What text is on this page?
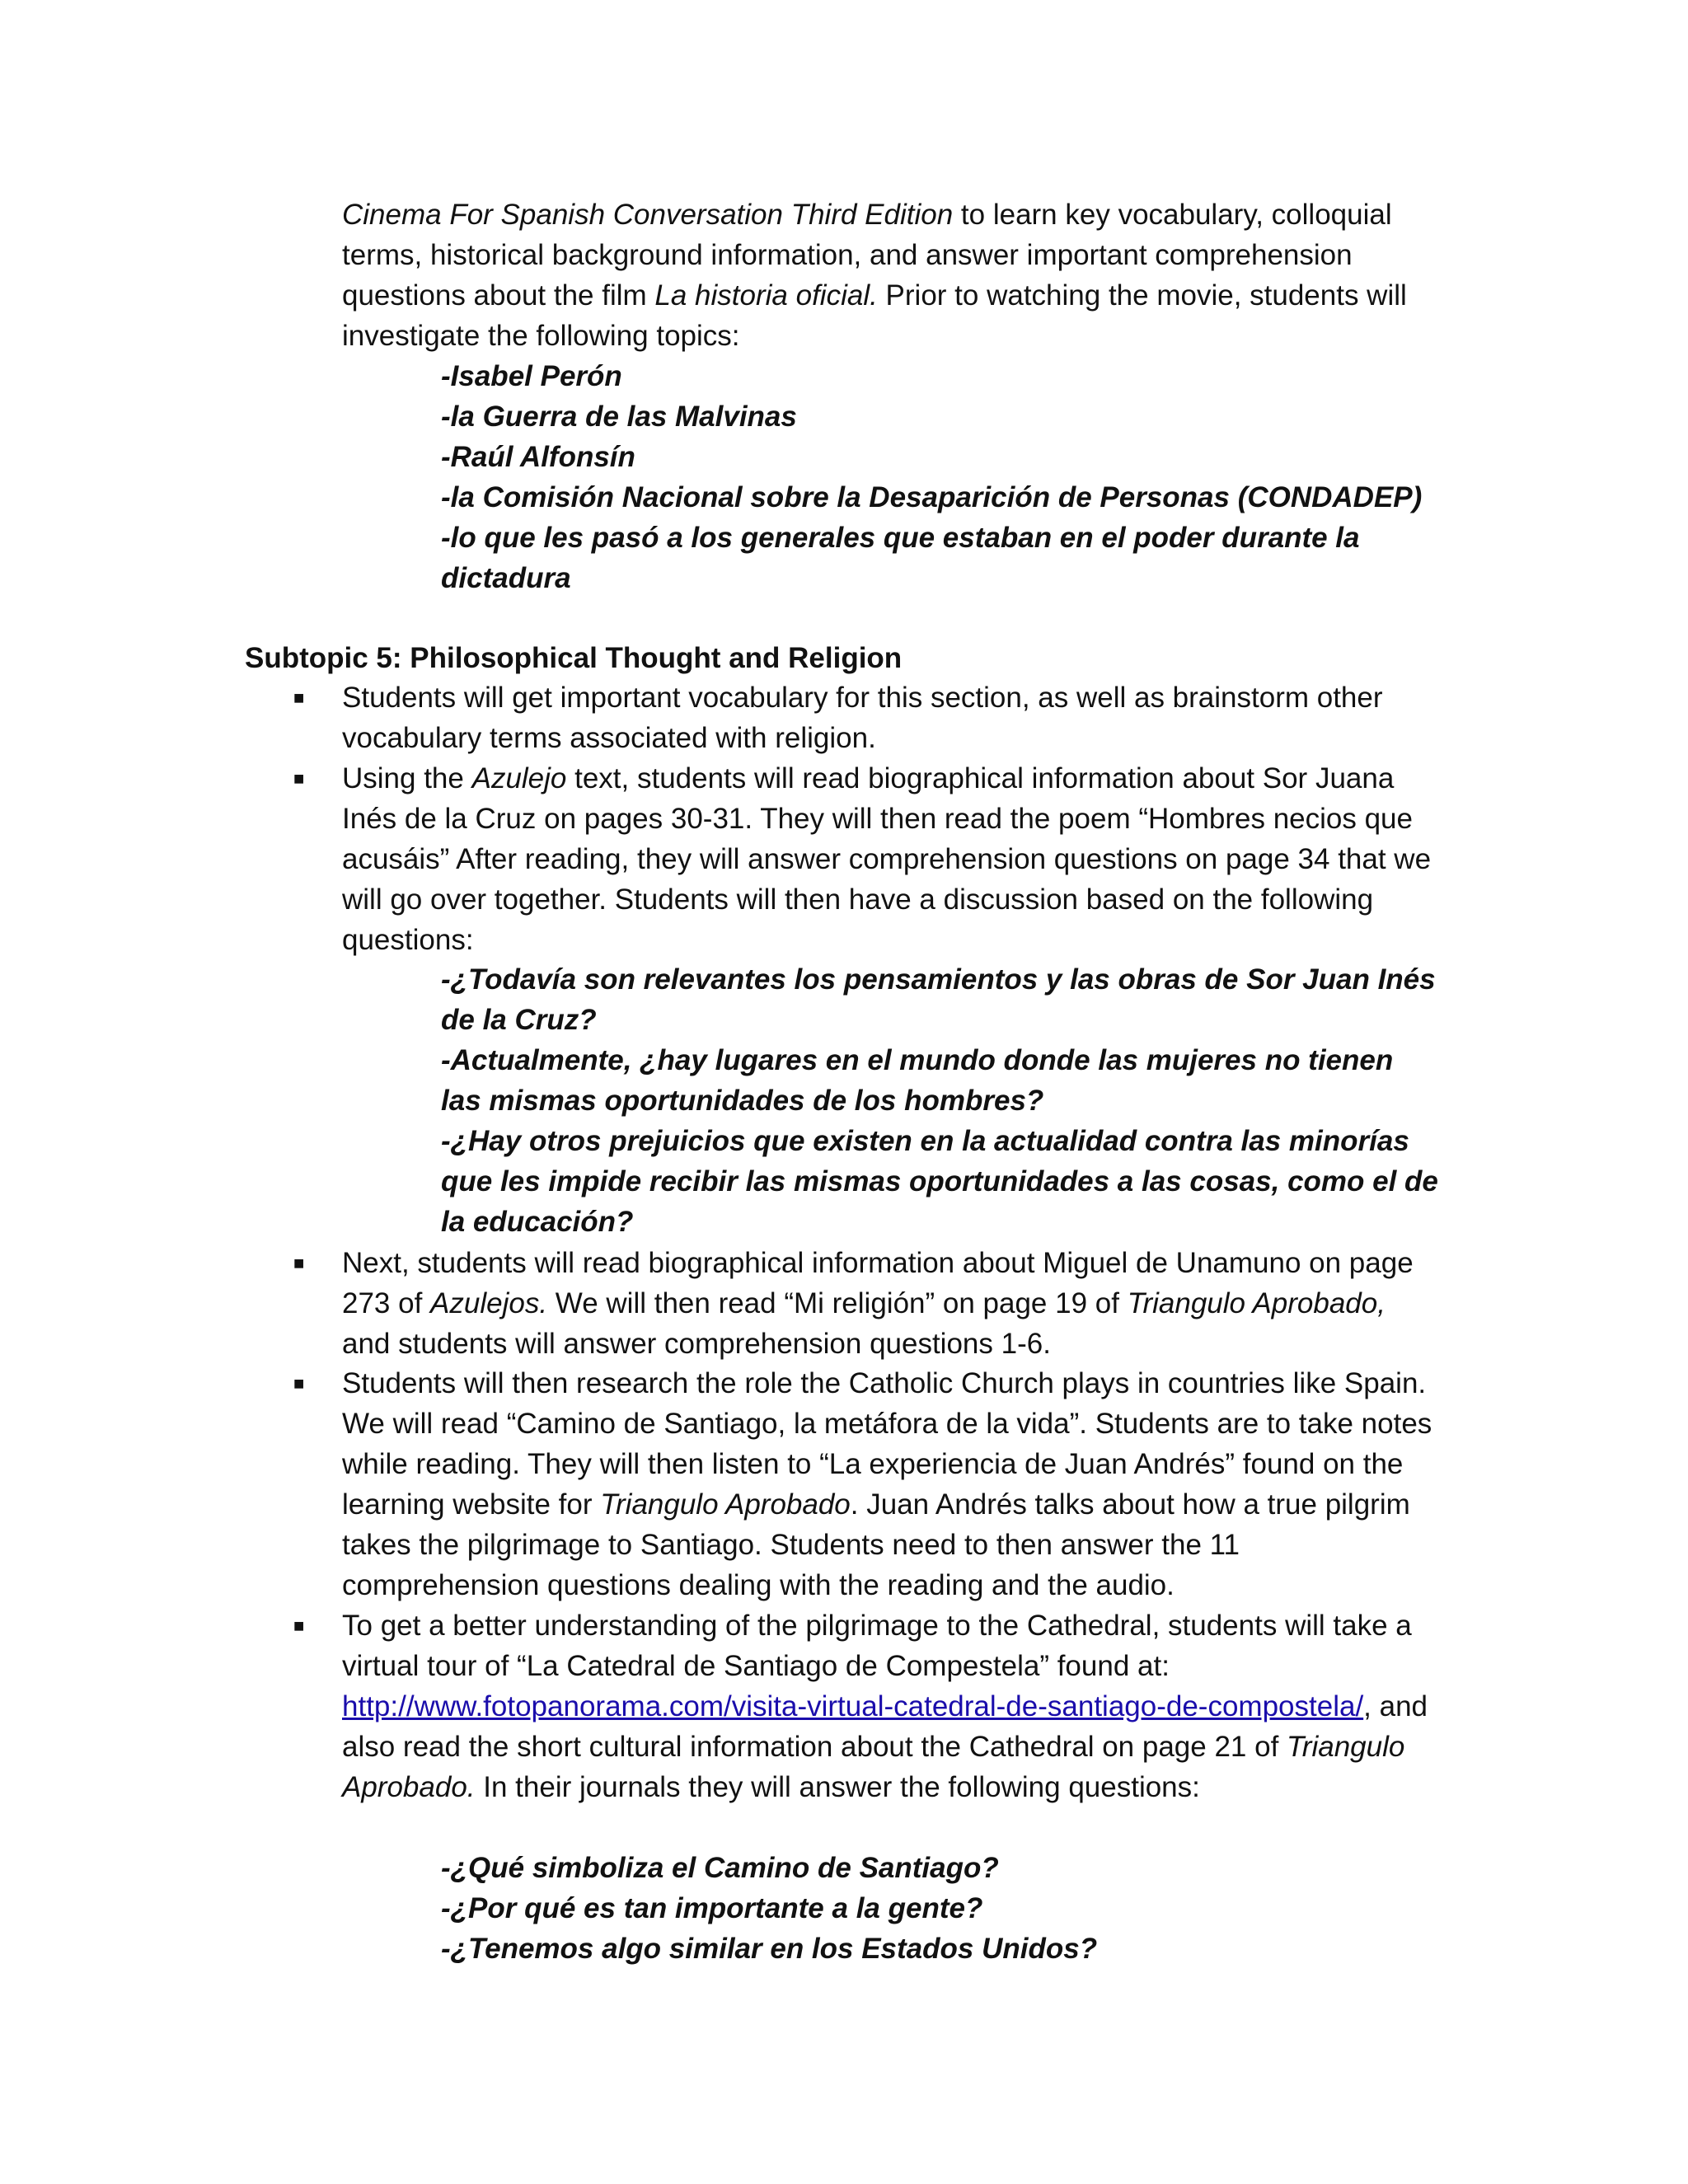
Cinema For Spanish Conversation Third Edition to learn key vocabulary, colloquial terms, historical background information, and answer important comprehension questions about the film La historia oficial. Prior to watching the movie, students will investigate the following topics:

-Isabel Perón

-la Guerra de las Malvinas

-Raúl Alfonsín

-la Comisión Nacional sobre la Desaparición de Personas (CONDADEP)

-lo que les pasó a los generales que estaban en el poder durante la dictadura

Subtopic 5: Philosophical Thought and Religion

■ Students will get important vocabulary for this section, as well as brainstorm other vocabulary terms associated with religion.

■ Using the Azulejo text, students will read biographical information about Sor Juana Inés de la Cruz on pages 30-31. They will then read the poem “Hombres necios que acusáis” After reading, they will answer comprehension questions on page 34 that we will go over together. Students will then have a discussion based on the following questions:

-¿Todavía son relevantes los pensamientos y las obras de Sor Juan Inés de la Cruz?

-Actualmente, ¿hay lugares en el mundo donde las mujeres no tienen las mismas oportunidades de los hombres?

-¿Hay otros prejuicios que existen en la actualidad contra las minorías que les impide recibir las mismas oportunidades a las cosas, como el de la educación?

■ Next, students will read biographical information about Miguel de Unamuno on page 273 of Azulejos. We will then read “Mi religión” on page 19 of Triangulo Aprobado, and students will answer comprehension questions 1-6.

■ Students will then research the role the Catholic Church plays in countries like Spain. We will read “Camino de Santiago, la metáfora de la vida”. Students are to take notes while reading. They will then listen to “La experiencia de Juan Andrés” found on the learning website for Triangulo Aprobado. Juan Andrés talks about how a true pilgrim takes the pilgrimage to Santiago. Students need to then answer the 11 comprehension questions dealing with the reading and the audio.

■ To get a better understanding of the pilgrimage to the Cathedral, students will take a virtual tour of “La Catedral de Santiago de Compestela” found at: http://www.fotopanorama.com/visita-virtual-catedral-de-santiago-de-compostela/, and also read the short cultural information about the Cathedral on page 21 of Triangulo Aprobado. In their journals they will answer the following questions:

-¿Qué simboliza el Camino de Santiago?

-¿Por qué es tan importante a la gente?

-¿Tenemos algo similar en los Estados Unidos?
